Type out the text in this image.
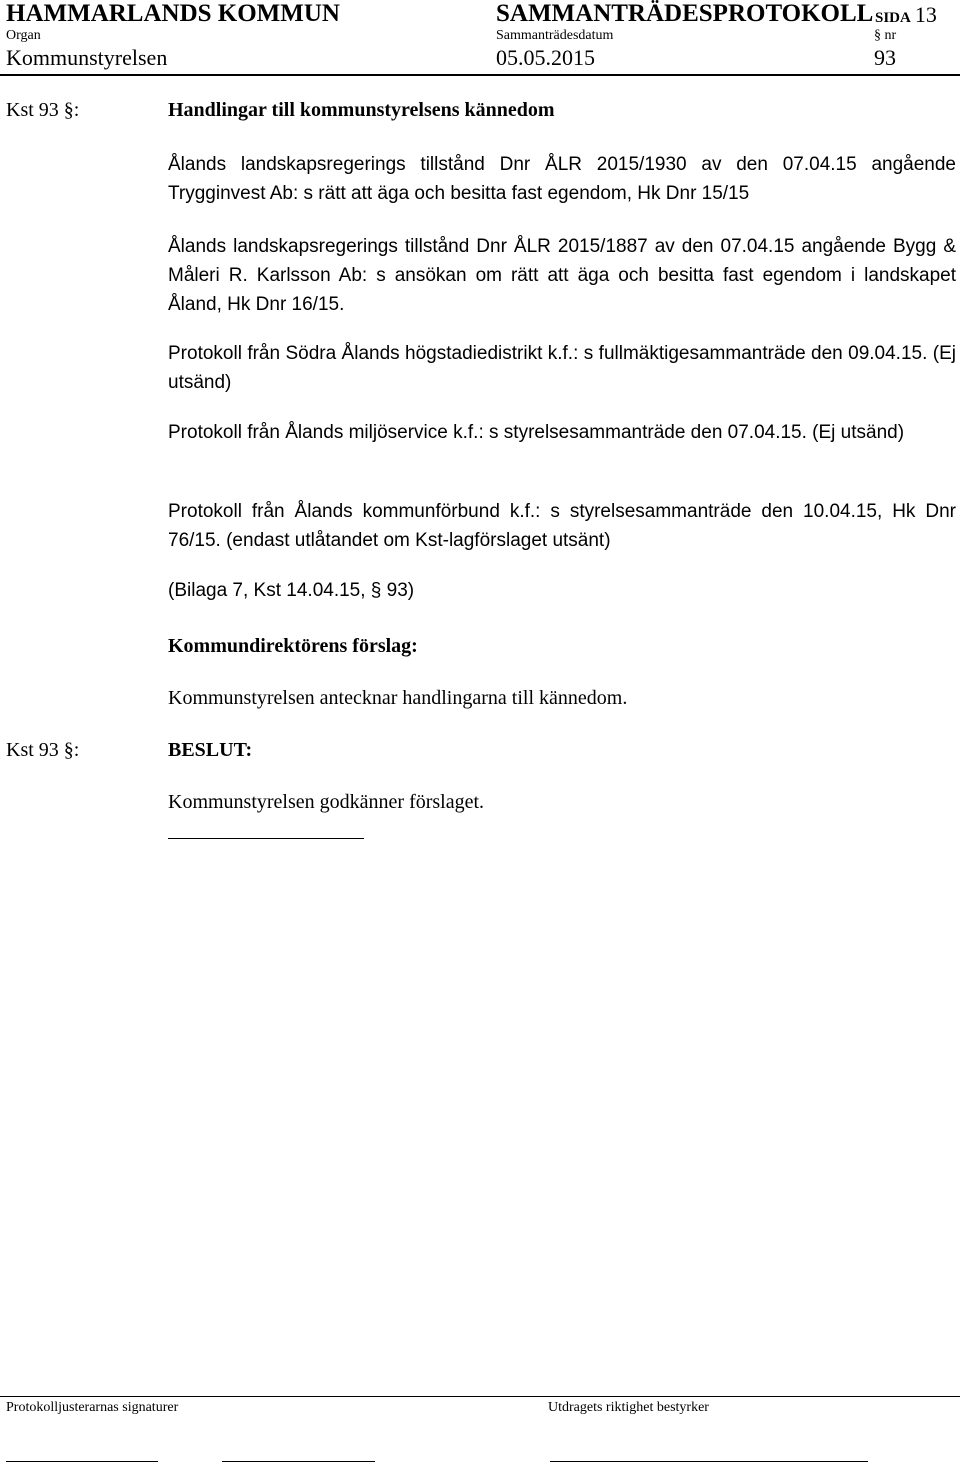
HAMMARLANDS KOMMUN	SAMMANTRÄDESPROTOKOLL SIDA 13
Organ	Sammanträdesdatum	§ nr
Kommunstyrelsen	05.05.2015	93
Kst 93 §:	Handlingar till kommunstyrelsens kännedom
Ålands landskapsregerings tillstånd Dnr ÅLR 2015/1930 av den 07.04.15 angående Trygginvest Ab: s rätt att äga och besitta fast egendom, Hk Dnr 15/15
Ålands landskapsregerings tillstånd Dnr ÅLR 2015/1887 av den 07.04.15 angående Bygg & Måleri R. Karlsson Ab: s ansökan om rätt att äga och besitta fast egendom i landskapet Åland, Hk Dnr 16/15.
Protokoll från Södra Ålands högstadiedistrikt k.f.: s fullmäktigesammanträde den 09.04.15. (Ej utsänd)
Protokoll från Ålands miljöservice k.f.: s styrelsesammanträde den 07.04.15. (Ej utsänd)
Protokoll från Ålands kommunförbund k.f.: s styrelsesammanträde den 10.04.15, Hk Dnr 76/15. (endast utlåtandet om Kst-lagförslaget utsänt)
(Bilaga 7, Kst 14.04.15, § 93)
Kommundirektörens förslag:
Kommunstyrelsen antecknar handlingarna till kännedom.
Kst 93 §:	BESLUT:
Kommunstyrelsen godkänner förslaget.
Protokolljusterarnas signaturer	Utdragets riktighet bestyrker
